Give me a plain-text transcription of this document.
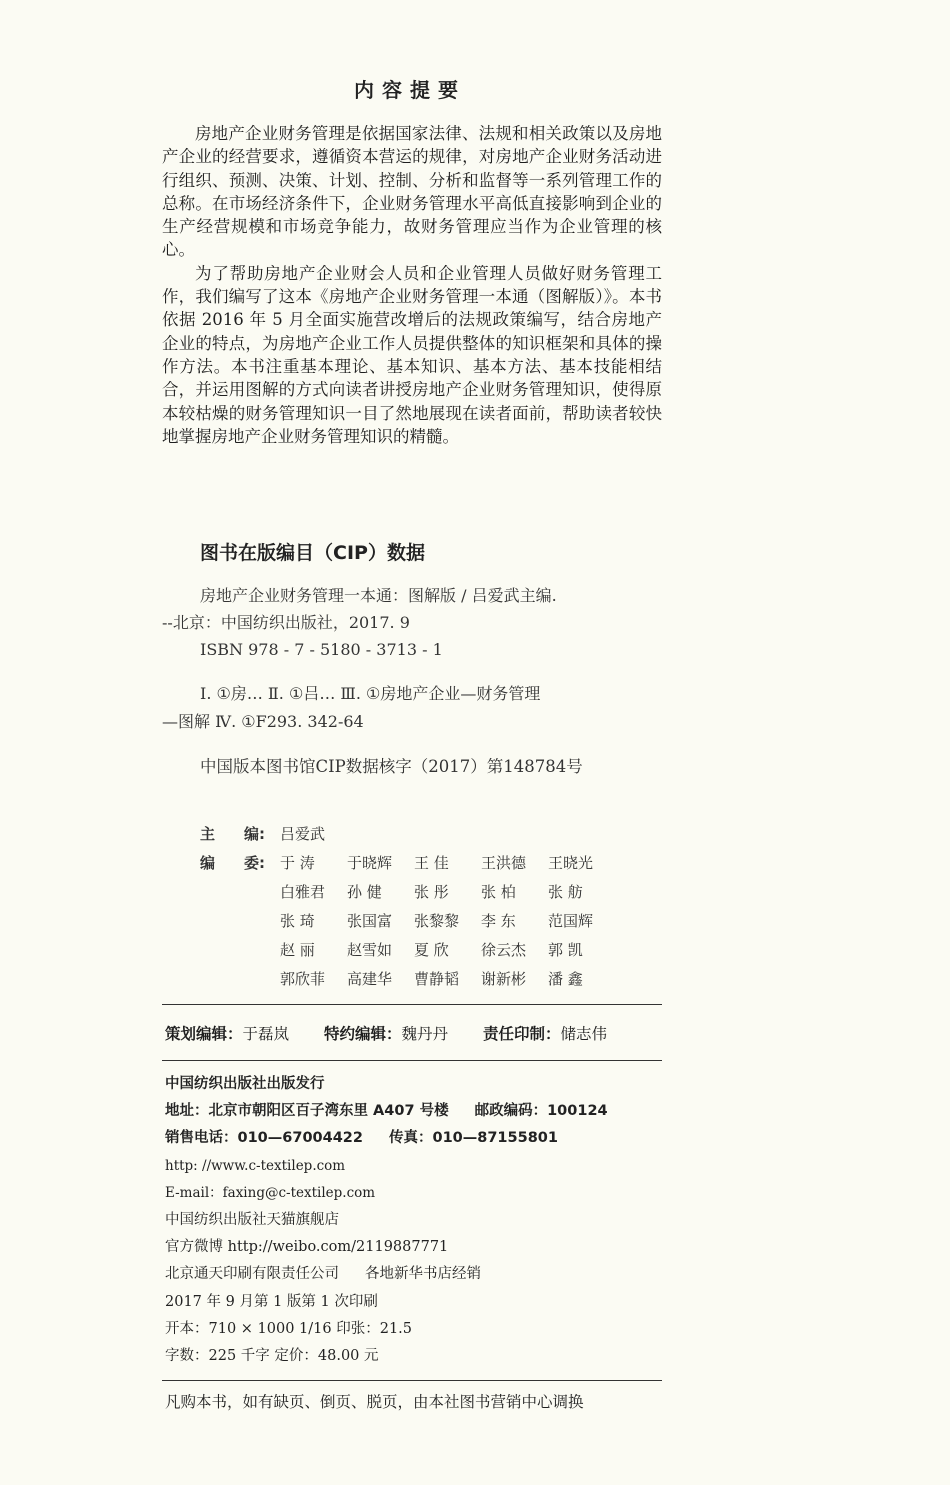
内容提要

房地产企业财务管理是依据国家法律、法规和相关政策以及房地产企业的经营要求，遵循资本营运的规律，对房地产企业财务活动进行组织、预测、决策、计划、控制、分析和监督等一系列管理工作的总称。在市场经济条件下，企业财务管理水平高低直接影响到企业的生产经营规模和市场竞争能力，故财务管理应当作为企业管理的核心。

为了帮助房地产企业财会人员和企业管理人员做好财务管理工作，我们编写了这本《房地产企业财务管理一本通（图解版）》。本书依据 2016 年 5 月全面实施营改增后的法规政策编写，结合房地产企业的特点，为房地产企业工作人员提供整体的知识框架和具体的操作方法。本书注重基本理论、基本知识、基本方法、基本技能相结合，并运用图解的方式向读者讲授房地产企业财务管理知识，使得原本较枯燥的财务管理知识一目了然地展现在读者面前，帮助读者较快地掌握房地产企业财务管理知识的精髓。

图书在版编目（CIP）数据
房地产企业财务管理一本通：图解版 / 吕爱武主编.
--北京：中国纺织出版社，2017. 9
ISBN 978 - 7 - 5180 - 3713 - 1
Ⅰ. ①房… Ⅱ. ①吕… Ⅲ. ①房地产企业—财务管理
—图解 Ⅳ. ①F293. 342-64
中国版本图书馆CIP数据核字（2017）第148784号
主 编: 吕爱武
编 委: 于 涛 于晓辉 王 佳 王洪德 王晓光
白雅君 孙 健 张 彤 张 柏 张 舫
张 琦 张国富 张黎黎 李 东 范国辉
赵 丽 赵雪如 夏 欣 徐云杰 郭 凯
郭欣菲 高建华 曹静韬 谢新彬 潘 鑫
策划编辑：于磊岚 特约编辑：魏丹丹 责任印制：储志伟
中国纺织出版社出版发行
地址：北京市朝阳区百子湾东里 A407 号楼 邮政编码：100124
销售电话：010—67004422 传真：010—87155801
http: //www.c-textilep.com
E-mail：faxing@c-textilep.com
中国纺织出版社天猫旗舰店
官方微博 http://weibo.com/2119887771
北京通天印刷有限责任公司 各地新华书店经销
2017 年 9 月第 1 版第 1 次印刷
开本：710 × 1000 1/16 印张：21.5
字数：225 千字 定价：48.00 元
凡购本书，如有缺页、倒页、脱页，由本社图书营销中心调换
